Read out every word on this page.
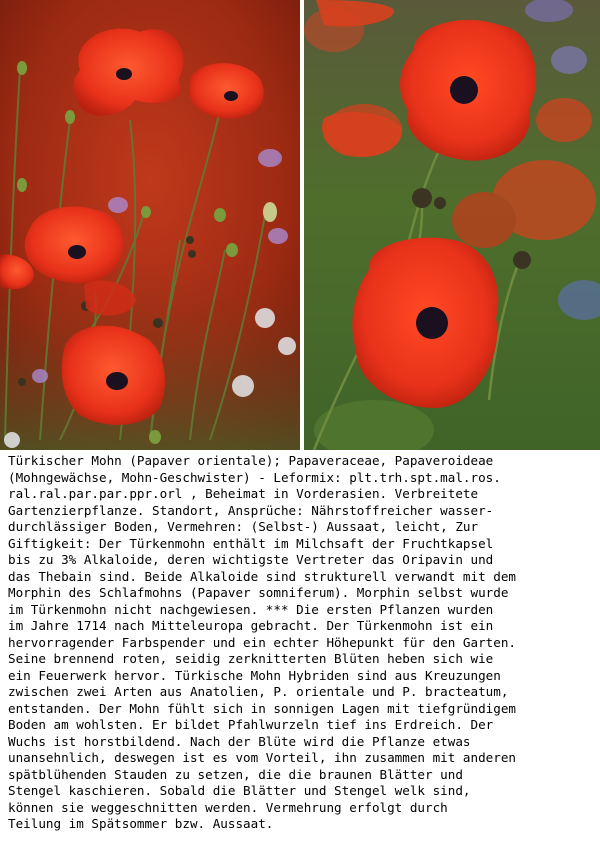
Türkischer Mohn (Papaver orientale); Papaveraceae, Papaveroideae
(Mohngewächse, Mohn-Geschwister) - Leformix: plt.trh.spt.mal.ros.
ral.ral.par.par.ppr.orl , Beheimat in Vorderasien. Verbreitete
Gartenzierpflanze. Standort, Ansprüche: Nährstoffreicher wasser-
durchlässiger Boden, Vermehren: (Selbst-) Aussaat, leicht, Zur
Giftigkeit: Der Türkenmohn enthält im Milchsaft der Fruchtkapsel
bis zu 3% Alkaloide, deren wichtigste Vertreter das Oripavin und
das Thebain sind. Beide Alkaloide sind strukturell verwandt mit dem
Morphin des Schlafmohns (Papaver somniferum). Morphin selbst wurde
im Türkenmohn nicht nachgewiesen. *** Die ersten Pflanzen wurden
im Jahre 1714 nach Mitteleuropa gebracht. Der Türkenmohn ist ein
hervorragender Farbspender und ein echter Höhepunkt für den Garten.
Seine brennend roten, seidig zerknitterten Blüten heben sich wie
ein Feuerwerk hervor. Türkische Mohn Hybriden sind aus Kreuzungen
zwischen zwei Arten aus Anatolien, P. orientale und P. bracteatum,
entstanden. Der Mohn fühlt sich in sonnigen Lagen mit tiefgründigem
Boden am wohlsten. Er bildet Pfahlwurzeln tief ins Erdreich. Der
Wuchs ist horstbildend. Nach der Blüte wird die Pflanze etwas
unansehnlich, deswegen ist es vom Vorteil, ihn zusammen mit anderen
spätblühenden Stauden zu setzen, die die braunen Blätter und
Stengel kaschieren. Sobald die Blätter und Stengel welk sind,
können sie weggeschnitten werden. Vermehrung erfolgt durch
Teilung im Spätsommer bzw. Aussaat.
